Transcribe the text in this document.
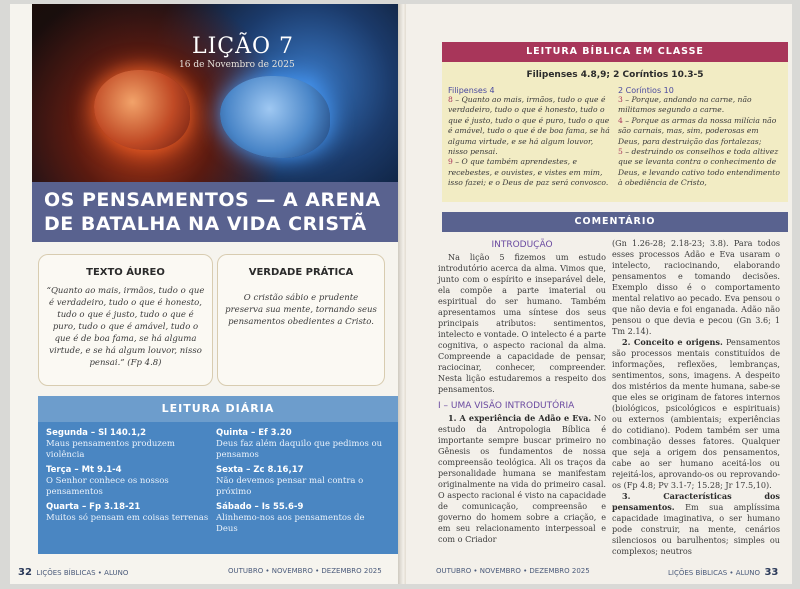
LIÇÃO 7
16 de Novembro de 2025
OS PENSAMENTOS — A ARENA
DE BATALHA NA VIDA CRISTÃ
TEXTO ÁUREO
“Quanto ao mais, irmãos, tudo o que é verdadeiro, tudo o que é honesto, tudo o que é justo, tudo o que é puro, tudo o que é amável, tudo o que é de boa fama, se há alguma virtude, e se há algum louvor, nisso pensai.” (Fp 4.8)
VERDADE PRÁTICA
O cristão sábio e prudente preserva sua mente, tornando seus pensamentos obedientes a Cristo.
LEITURA DIÁRIA
Segunda – Sl 140.1,2
Maus pensamentos produzem violência
Terça – Mt 9.1-4
O Senhor conhece os nossos pensamentos
Quarta – Fp 3.18-21
Muitos só pensam em coisas terrenas
Quinta – Ef 3.20
Deus faz além daquilo que pedimos ou pensamos
Sexta – Zc 8.16,17
Não devemos pensar mal contra o próximo
Sábado – Is 55.6-9
Alinhemo-nos aos pensamentos de Deus
32 LIÇÕES BÍBLICAS • ALUNO	OUTUBRO • NOVEMBRO • DEZEMBRO 2025
LEITURA BÍBLICA EM CLASSE
Filipenses 4.8,9; 2 Coríntios 10.3-5
Filipenses 4
8 – Quanto ao mais, irmãos, tudo o que é verdadeiro, tudo o que é honesto, tudo o que é justo, tudo o que é puro, tudo o que é amável, tudo o que é de boa fama, se há alguma virtude, e se há algum louvor, nisso pensai.
9 – O que também aprendestes, e recebestes, e ouvistes, e vistes em mim, isso fazei; e o Deus de paz será convosco.
2 Coríntios 10
3 – Porque, andando na carne, não militamos segundo a carne.
4 – Porque as armas da nossa milícia não são carnais, mas, sim, poderosas em Deus, para destruição das fortalezas;
5 – destruindo os conselhos e toda altivez que se levanta contra o conhecimento de Deus, e levando cativo todo entendimento à obediência de Cristo,
COMENTÁRIO
INTRODUÇÃO
Na lição 5 fizemos um estudo introdutório acerca da alma. Vimos que, junto com o espírito e inseparável dele, ela compõe a parte imaterial ou espiritual do ser humano. Também apresentamos uma síntese dos seus principais atributos: sentimentos, intelecto e vontade. O intelecto é a parte cognitiva, o aspecto racional da alma. Compreende a capacidade de pensar, raciocinar, conhecer, compreender. Nesta lição estudaremos a respeito dos pensamentos.
I – UMA VISÃO INTRODUTÓRIA
1. A experiência de Adão e Eva. No estudo da Antropologia Bíblica é importante sempre buscar primeiro no Gênesis os fundamentos de nossa compreensão teológica. Ali os traços da personalidade humana se manifestam originalmente na vida do primeiro casal. O aspecto racional é visto na capacidade de comunicação, compreensão e governo do homem sobre a criação, e em seu relacionamento interpessoal e com o Criador
(Gn 1.26-28; 2.18-23; 3.8). Para todos esses processos Adão e Eva usaram o intelecto, raciocinando, elaborando pensamentos e tomando decisões. Exemplo disso é o comportamento mental relativo ao pecado. Eva pensou o que não devia e foi enganada. Adão não pensou o que devia e pecou (Gn 3.6; 1 Tm 2.14).
2. Conceito e origens. Pensamentos são processos mentais constituídos de informações, reflexões, lembranças, sentimentos, sons, imagens. A despeito dos mistérios da mente humana, sabe-se que eles se originam de fatores internos (biológicos, psicológicos e espirituais) ou externos (ambientais; experiências do cotidiano). Podem também ser uma combinação desses fatores. Qualquer que seja a origem dos pensamentos, cabe ao ser humano aceitá-los ou rejeitá-los, aprovando-os ou reprovando-os (Fp 4.8; Pv 3.1-7; 15.28; Jr 17.5,10).
3. Características dos pensamentos. Em sua amplíssima capacidade imaginativa, o ser humano pode construir, na mente, cenários silenciosos ou barulhentos; simples ou complexos; neutros
OUTUBRO • NOVEMBRO • DEZEMBRO 2025	LIÇÕES BÍBLICAS • ALUNO 33
